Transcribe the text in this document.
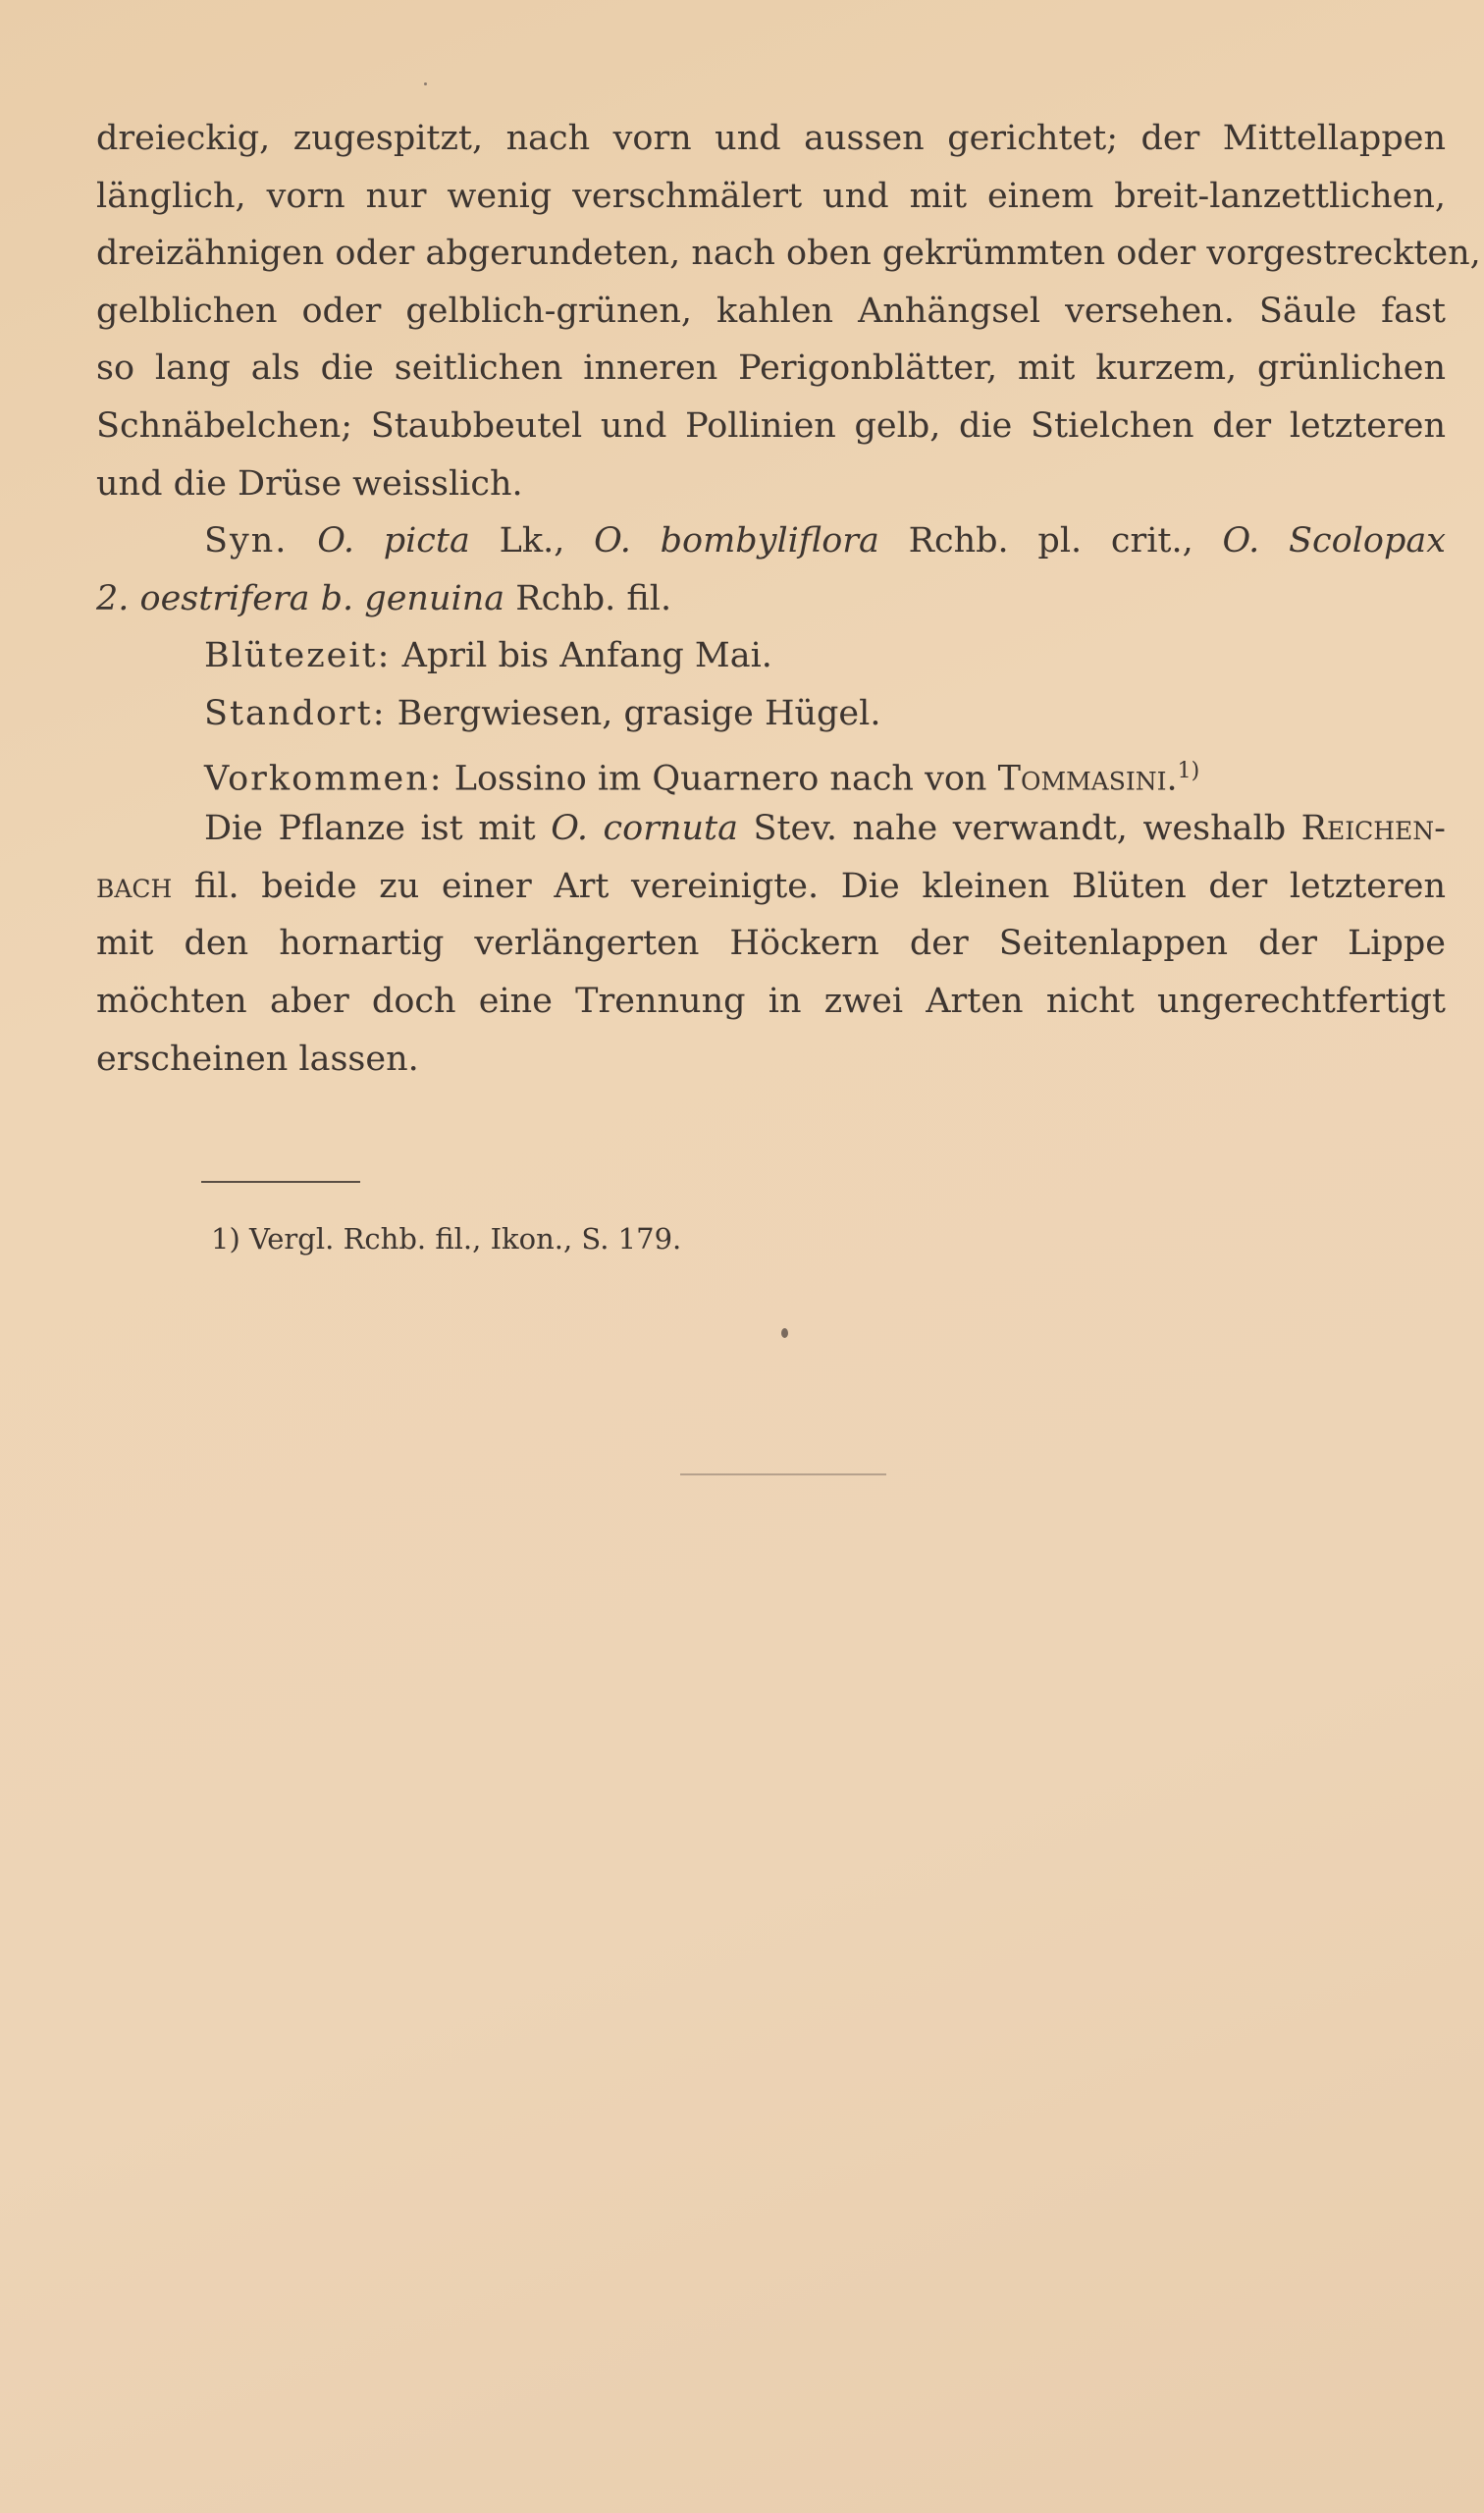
dreieckig, zugespitzt, nach vorn und aussen gerichtet; der Mittellappen
länglich, vorn nur wenig verschmälert und mit einem breit-lanzettlichen,
dreizähnigen oder abgerundeten, nach oben gekrümmten oder vorgestreckten,
gelblichen oder gelblich-grünen, kahlen Anhängsel versehen. Säule fast
so lang als die seitlichen inneren Perigonblätter, mit kurzem, grünlichen
Schnäbelchen; Staubbeutel und Pollinien gelb, die Stielchen der letzteren
und die Drüse weisslich.
Syn. O. picta Lk., O. bombyliflora Rchb. pl. crit., O. Scolopax
2. oestrifera b. genuina Rchb. fil.
Blütezeit: April bis Anfang Mai.
Standort: Bergwiesen, grasige Hügel.
Vorkommen: Lossino im Quarnero nach von Tommasini.$^{1)}$
Die Pflanze ist mit O. cornuta Stev. nahe verwandt, weshalb Reichen-
bach fil. beide zu einer Art vereinigte. Die kleinen Blüten der letzteren
mit den hornartig verlängerten Höckern der Seitenlappen der Lippe
möchten aber doch eine Trennung in zwei Arten nicht ungerechtfertigt
erscheinen lassen.
1) Vergl. Rchb. fil., Ikon., S. 179.
